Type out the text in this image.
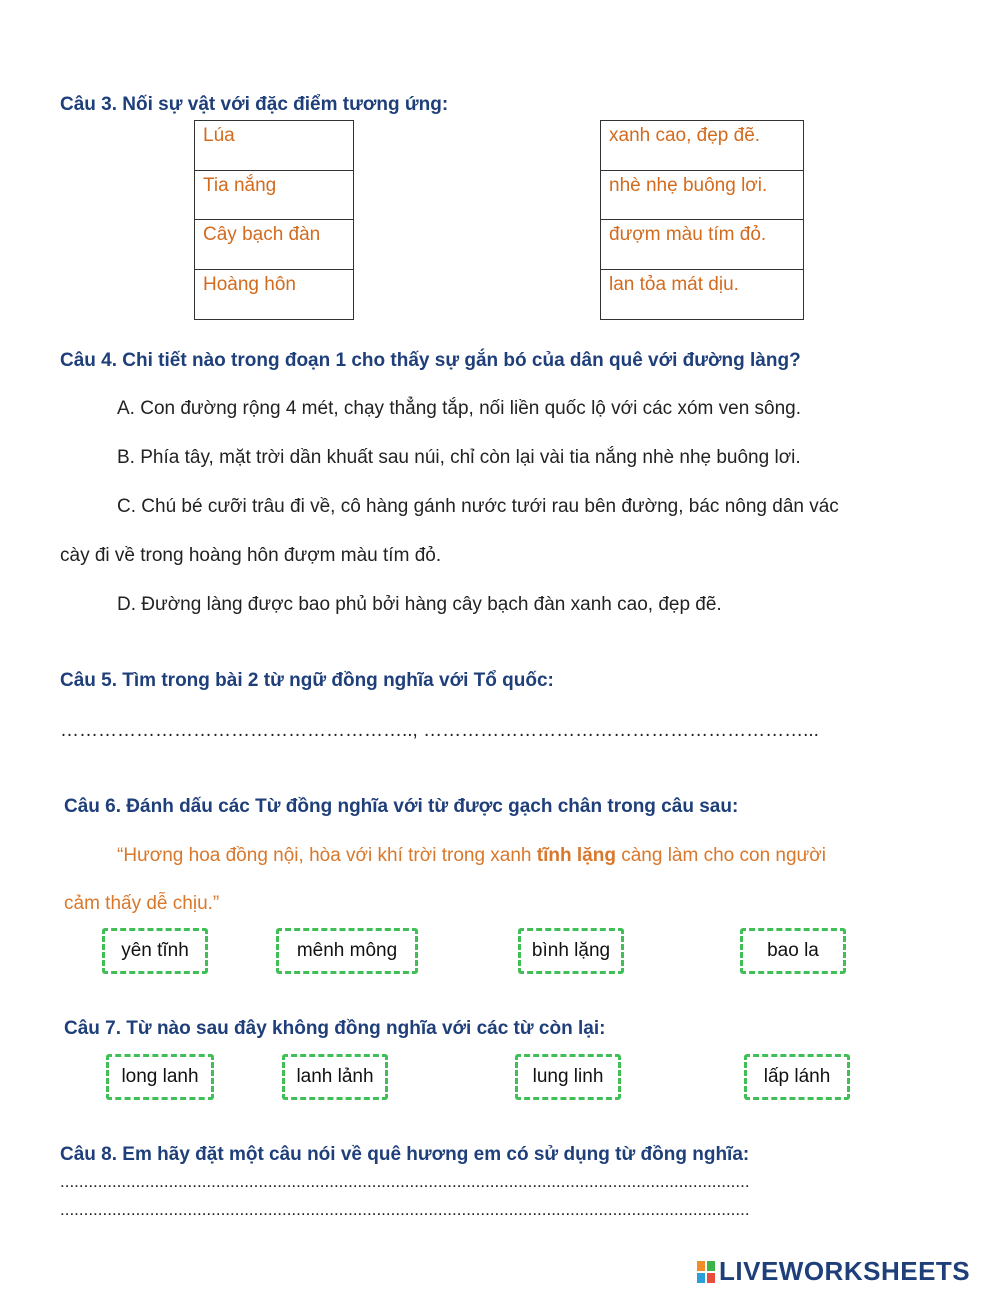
Câu 3. Nối sự vật với đặc điểm tương ứng:
Lúa
Tia nắng
Cây bạch đàn
Hoàng hôn
xanh cao, đẹp đẽ.
nhè nhẹ buông lơi.
đượm màu tím đỏ.
lan tỏa mát dịu.
Câu 4. Chi tiết nào trong đoạn 1 cho thấy sự gắn bó của dân quê với đường làng?
A. Con đường rộng 4 mét, chạy thẳng tắp, nối liền quốc lộ với các xóm ven sông.
B. Phía tây, mặt trời dần khuất sau núi, chỉ còn lại vài tia nắng nhè nhẹ buông lơi.
C. Chú bé cưỡi trâu đi về, cô hàng gánh nước tưới rau bên đường, bác nông dân vác
cày đi về trong hoàng hôn đượm màu tím đỏ.
D. Đường làng được bao phủ bởi hàng cây bạch đàn xanh cao, đẹp đẽ.
Câu 5. Tìm trong bài 2 từ ngữ đồng nghĩa với Tổ quốc:
……………………………………………….., ……………………………………………………...
Câu 6. Đánh dấu các Từ đồng nghĩa với từ được gạch chân trong câu sau:
“Hương hoa đồng nội, hòa với khí trời trong xanh tĩnh lặng càng làm cho con người
cảm thấy dễ chịu.”
yên tĩnh	mênh mông	bình lặng	bao la
Câu 7. Từ nào sau đây không đồng nghĩa với các từ còn lại:
long lanh	lanh lảnh	lung linh	lấp lánh
Câu 8. Em hãy đặt một câu nói về quê hương em có sử dụng từ đồng nghĩa:
..................................................................................................................................................
..................................................................................................................................................
LIVEWORKSHEETS
